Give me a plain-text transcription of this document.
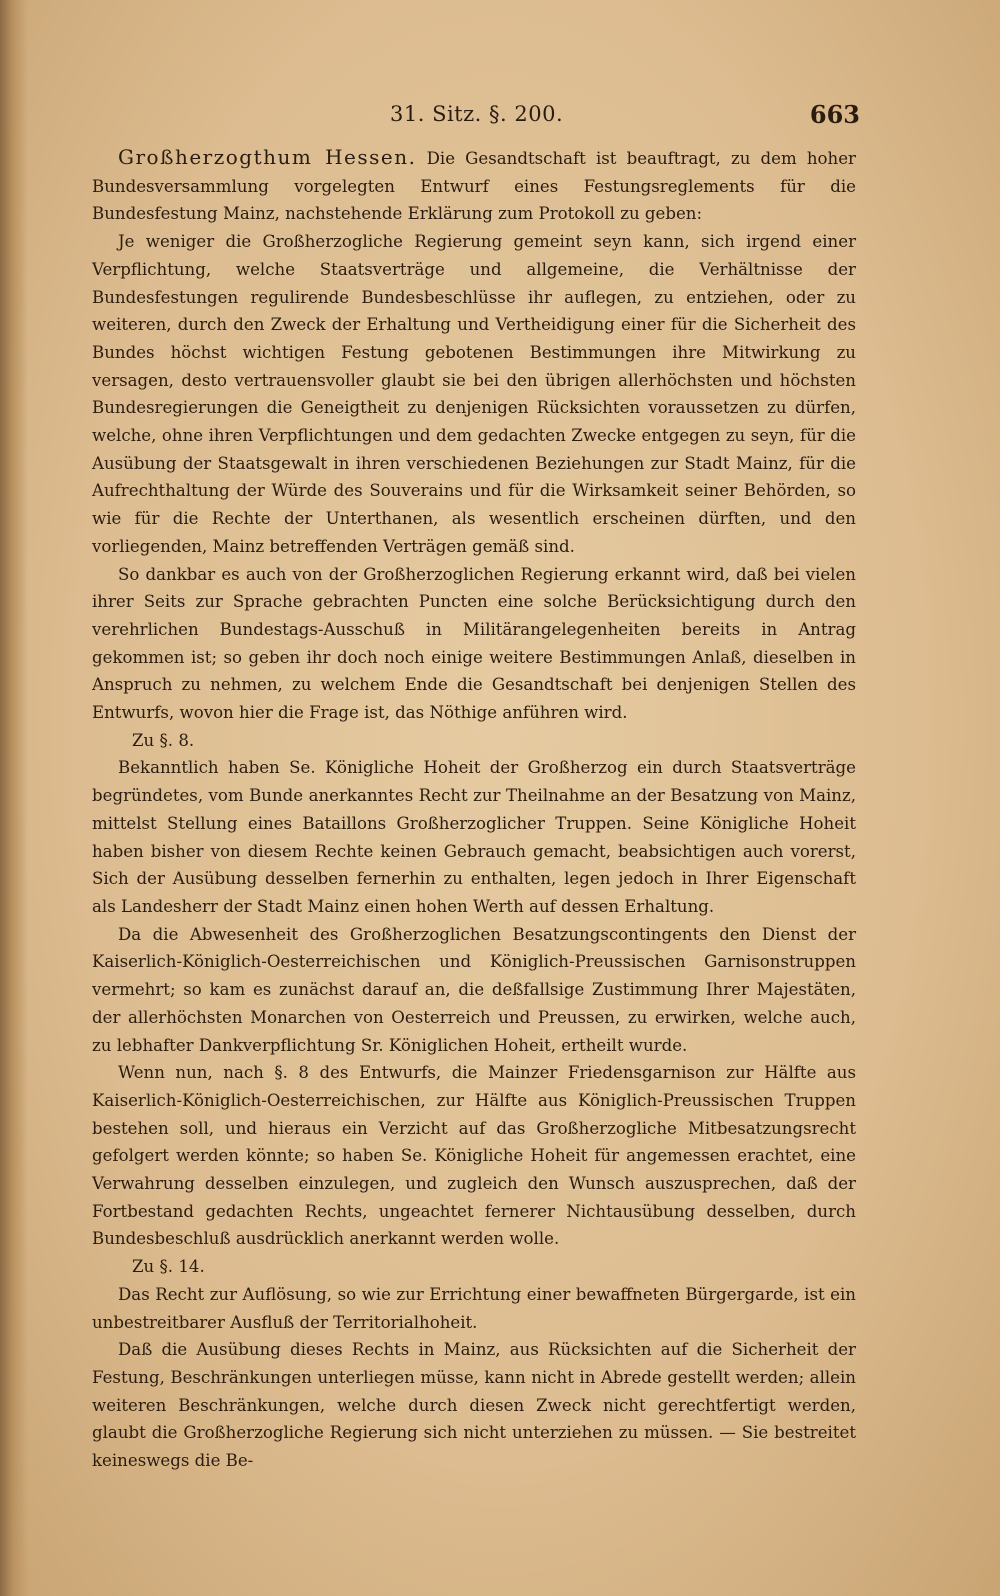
31. Sitz. §. 200.	663

Großherzogthum Hessen. Die Gesandtschaft ist beauftragt, zu dem hoher Bundesversammlung vorgelegten Entwurf eines Festungsreglements für die Bundesfestung Mainz, nachstehende Erklärung zum Protokoll zu geben:

Je weniger die Großherzogliche Regierung gemeint seyn kann, sich irgend einer Verpflichtung, welche Staatsverträge und allgemeine, die Verhältnisse der Bundesfestungen regulirende Bundesbeschlüsse ihr auflegen, zu entziehen, oder zu weiteren, durch den Zweck der Erhaltung und Vertheidigung einer für die Sicherheit des Bundes höchst wichtigen Festung gebotenen Bestimmungen ihre Mitwirkung zu versagen, desto vertrauensvoller glaubt sie bei den übrigen allerhöchsten und höchsten Bundesregierungen die Geneigtheit zu denjenigen Rücksichten voraussetzen zu dürfen, welche, ohne ihren Verpflichtungen und dem gedachten Zwecke entgegen zu seyn, für die Ausübung der Staatsgewalt in ihren verschiedenen Beziehungen zur Stadt Mainz, für die Aufrechthaltung der Würde des Souverains und für die Wirksamkeit seiner Behörden, so wie für die Rechte der Unterthanen, als wesentlich erscheinen dürften, und den vorliegenden, Mainz betreffenden Verträgen gemäß sind.

So dankbar es auch von der Großherzoglichen Regierung erkannt wird, daß bei vielen ihrer Seits zur Sprache gebrachten Puncten eine solche Berücksichtigung durch den verehrlichen Bundestags-Ausschuß in Militärangelegenheiten bereits in Antrag gekommen ist; so geben ihr doch noch einige weitere Bestimmungen Anlaß, dieselben in Anspruch zu nehmen, zu welchem Ende die Gesandtschaft bei denjenigen Stellen des Entwurfs, wovon hier die Frage ist, das Nöthige anführen wird.

Zu §. 8.

Bekanntlich haben Se. Königliche Hoheit der Großherzog ein durch Staatsverträge begründetes, vom Bunde anerkanntes Recht zur Theilnahme an der Besatzung von Mainz, mittelst Stellung eines Bataillons Großherzoglicher Truppen. Seine Königliche Hoheit haben bisher von diesem Rechte keinen Gebrauch gemacht, beabsichtigen auch vorerst, Sich der Ausübung desselben fernerhin zu enthalten, legen jedoch in Ihrer Eigenschaft als Landesherr der Stadt Mainz einen hohen Werth auf dessen Erhaltung.

Da die Abwesenheit des Großherzoglichen Besatzungscontingents den Dienst der Kaiserlich-Königlich-Oesterreichischen und Königlich-Preussischen Garnisonstruppen vermehrt; so kam es zunächst darauf an, die deßfallsige Zustimmung Ihrer Majestäten, der allerhöchsten Monarchen von Oesterreich und Preussen, zu erwirken, welche auch, zu lebhafter Dankverpflichtung Sr. Königlichen Hoheit, ertheilt wurde.

Wenn nun, nach §. 8 des Entwurfs, die Mainzer Friedensgarnison zur Hälfte aus Kaiserlich-Königlich-Oesterreichischen, zur Hälfte aus Königlich-Preussischen Truppen bestehen soll, und hieraus ein Verzicht auf das Großherzogliche Mitbesatzungsrecht gefolgert werden könnte; so haben Se. Königliche Hoheit für angemessen erachtet, eine Verwahrung desselben einzulegen, und zugleich den Wunsch auszusprechen, daß der Fortbestand gedachten Rechts, ungeachtet fernerer Nichtausübung desselben, durch Bundesbeschluß ausdrücklich anerkannt werden wolle.

Zu §. 14.

Das Recht zur Auflösung, so wie zur Errichtung einer bewaffneten Bürgergarde, ist ein unbestreitbarer Ausfluß der Territorialhoheit.

Daß die Ausübung dieses Rechts in Mainz, aus Rücksichten auf die Sicherheit der Festung, Beschränkungen unterliegen müsse, kann nicht in Abrede gestellt werden; allein weiteren Beschränkungen, welche durch diesen Zweck nicht gerechtfertigt werden, glaubt die Großherzogliche Regierung sich nicht unterziehen zu müssen. — Sie bestreitet keineswegs die Be-
